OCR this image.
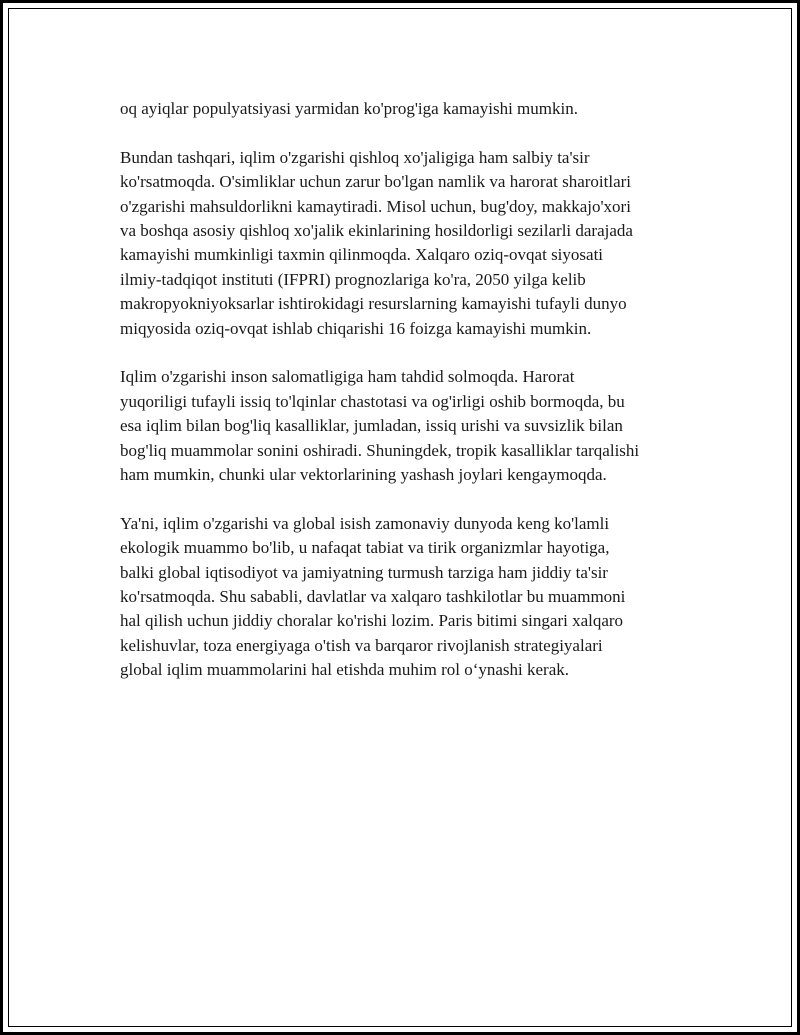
oq ayiqlar populyatsiyasi yarmidan ko'prog'iga kamayishi mumkin.

Bundan tashqari, iqlim o'zgarishi qishloq xo'jaligiga ham salbiy ta'sir
ko'rsatmoqda. O'simliklar uchun zarur bo'lgan namlik va harorat sharoitlari
o'zgarishi mahsuldorlikni kamaytiradi. Misol uchun, bug'doy, makkajo'xori
va boshqa asosiy qishloq xo'jalik ekinlarining hosildorligi sezilarli darajada
kamayishi mumkinligi taxmin qilinmoqda. Xalqaro oziq-ovqat siyosati
ilmiy-tadqiqot instituti (IFPRI) prognozlariga ko'ra, 2050 yilga kelib
makropyokniyoksarlar ishtirokidagi resurslarning kamayishi tufayli dunyo
miqyosida oziq-ovqat ishlab chiqarishi 16 foizga kamayishi mumkin.

Iqlim o'zgarishi inson salomatligiga ham tahdid solmoqda. Harorat
yuqoriligi tufayli issiq to'lqinlar chastotasi va og'irligi oshib bormoqda, bu
esa iqlim bilan bog'liq kasalliklar, jumladan, issiq urishi va suvsizlik bilan
bog'liq muammolar sonini oshiradi. Shuningdek, tropik kasalliklar tarqalishi
ham mumkin, chunki ular vektorlarining yashash joylari kengaymoqda.

Ya'ni, iqlim o'zgarishi va global isish zamonaviy dunyoda keng ko'lamli
ekologik muammo bo'lib, u nafaqat tabiat va tirik organizmlar hayotiga,
balki global iqtisodiyot va jamiyatning turmush tarziga ham jiddiy ta'sir
ko'rsatmoqda. Shu sababli, davlatlar va xalqaro tashkilotlar bu muammoni
hal qilish uchun jiddiy choralar ko'rishi lozim. Paris bitimi singari xalqaro
kelishuvlar, toza energiyaga o'tish va barqaror rivojlanish strategiyalari
global iqlim muammolarini hal etishda muhim rol o‘ynashi kerak.
